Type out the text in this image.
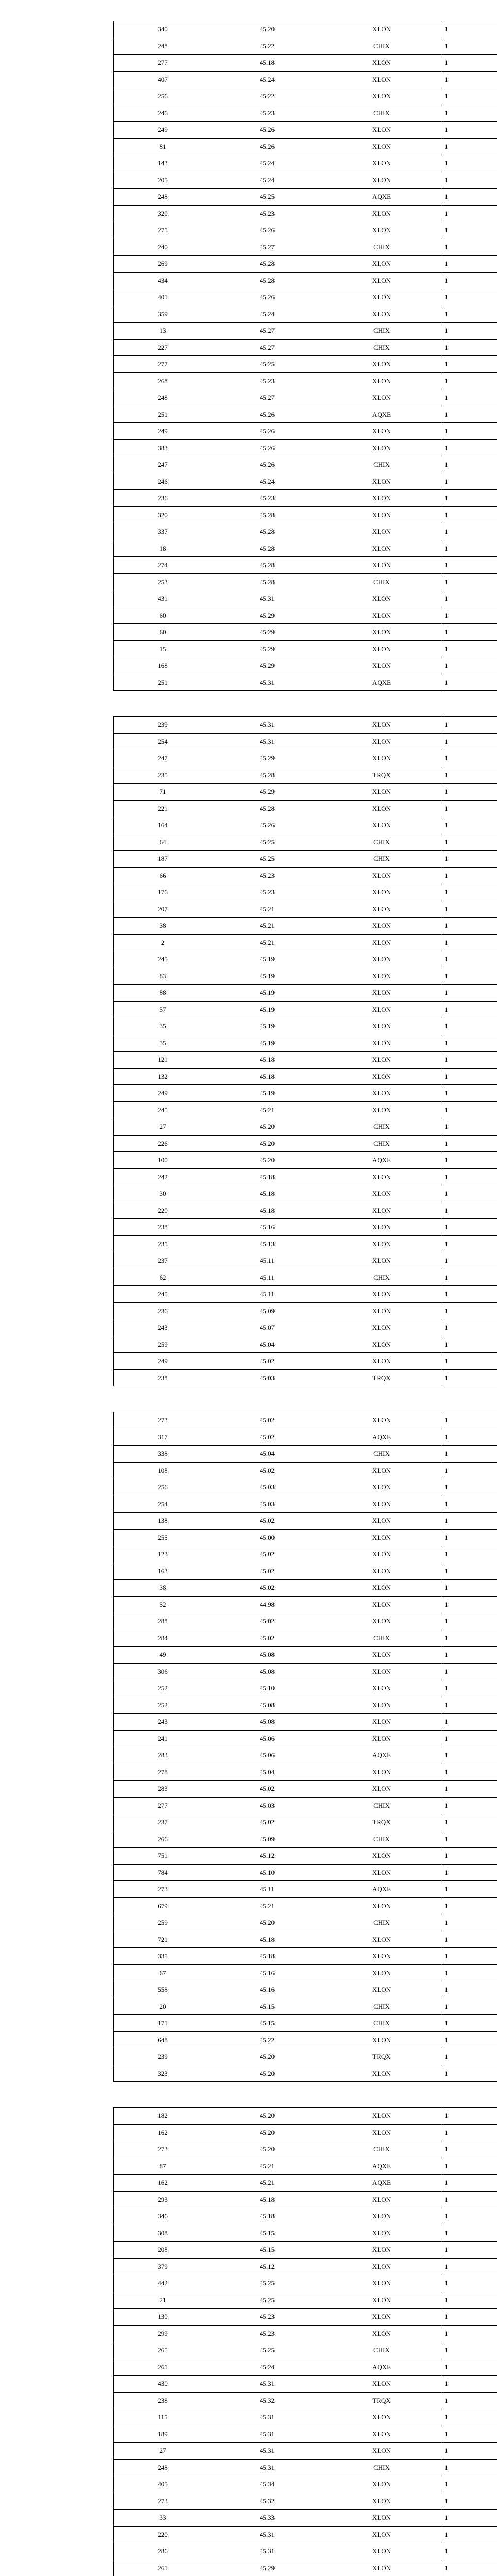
340	45.20	XLON	1
248	45.22	CHIX	1
277	45.18	XLON	1
407	45.24	XLON	1
256	45.22	XLON	1
246	45.23	CHIX	1
249	45.26	XLON	1
81	45.26	XLON	1
143	45.24	XLON	1
205	45.24	XLON	1
248	45.25	AQXE	1
320	45.23	XLON	1
275	45.26	XLON	1
240	45.27	CHIX	1
269	45.28	XLON	1
434	45.28	XLON	1
401	45.26	XLON	1
359	45.24	XLON	1
13	45.27	CHIX	1
227	45.27	CHIX	1
277	45.25	XLON	1
268	45.23	XLON	1
248	45.27	XLON	1
251	45.26	AQXE	1
249	45.26	XLON	1
383	45.26	XLON	1
247	45.26	CHIX	1
246	45.24	XLON	1
236	45.23	XLON	1
320	45.28	XLON	1
337	45.28	XLON	1
18	45.28	XLON	1
274	45.28	XLON	1
253	45.28	CHIX	1
431	45.31	XLON	1
60	45.29	XLON	1
60	45.29	XLON	1
15	45.29	XLON	1
168	45.29	XLON	1
251	45.31	AQXE	1
239	45.31	XLON	1
254	45.31	XLON	1
247	45.29	XLON	1
235	45.28	TRQX	1
71	45.29	XLON	1
221	45.28	XLON	1
164	45.26	XLON	1
64	45.25	CHIX	1
187	45.25	CHIX	1
66	45.23	XLON	1
176	45.23	XLON	1
207	45.21	XLON	1
38	45.21	XLON	1
2	45.21	XLON	1
245	45.19	XLON	1
83	45.19	XLON	1
88	45.19	XLON	1
57	45.19	XLON	1
35	45.19	XLON	1
35	45.19	XLON	1
121	45.18	XLON	1
132	45.18	XLON	1
249	45.19	XLON	1
245	45.21	XLON	1
27	45.20	CHIX	1
226	45.20	CHIX	1
100	45.20	AQXE	1
242	45.18	XLON	1
30	45.18	XLON	1
220	45.18	XLON	1
238	45.16	XLON	1
235	45.13	XLON	1
237	45.11	XLON	1
62	45.11	CHIX	1
245	45.11	XLON	1
236	45.09	XLON	1
243	45.07	XLON	1
259	45.04	XLON	1
249	45.02	XLON	1
238	45.03	TRQX	1
273	45.02	XLON	1
317	45.02	AQXE	1
338	45.04	CHIX	1
108	45.02	XLON	1
256	45.03	XLON	1
254	45.03	XLON	1
138	45.02	XLON	1
255	45.00	XLON	1
123	45.02	XLON	1
163	45.02	XLON	1
38	45.02	XLON	1
52	44.98	XLON	1
288	45.02	XLON	1
284	45.02	CHIX	1
49	45.08	XLON	1
306	45.08	XLON	1
252	45.10	XLON	1
252	45.08	XLON	1
243	45.08	XLON	1
241	45.06	XLON	1
283	45.06	AQXE	1
278	45.04	XLON	1
283	45.02	XLON	1
277	45.03	CHIX	1
237	45.02	TRQX	1
266	45.09	CHIX	1
751	45.12	XLON	1
784	45.10	XLON	1
273	45.11	AQXE	1
679	45.21	XLON	1
259	45.20	CHIX	1
721	45.18	XLON	1
335	45.18	XLON	1
67	45.16	XLON	1
558	45.16	XLON	1
20	45.15	CHIX	1
171	45.15	CHIX	1
648	45.22	XLON	1
239	45.20	TRQX	1
323	45.20	XLON	1
182	45.20	XLON	1
162	45.20	XLON	1
273	45.20	CHIX	1
87	45.21	AQXE	1
162	45.21	AQXE	1
293	45.18	XLON	1
346	45.18	XLON	1
308	45.15	XLON	1
208	45.15	XLON	1
379	45.12	XLON	1
442	45.25	XLON	1
21	45.25	XLON	1
130	45.23	XLON	1
299	45.23	XLON	1
265	45.25	CHIX	1
261	45.24	AQXE	1
430	45.31	XLON	1
238	45.32	TRQX	1
115	45.31	XLON	1
189	45.31	XLON	1
27	45.31	XLON	1
248	45.31	CHIX	1
405	45.34	XLON	1
273	45.32	XLON	1
33	45.33	XLON	1
220	45.31	XLON	1
286	45.31	XLON	1
261	45.29	XLON	1
